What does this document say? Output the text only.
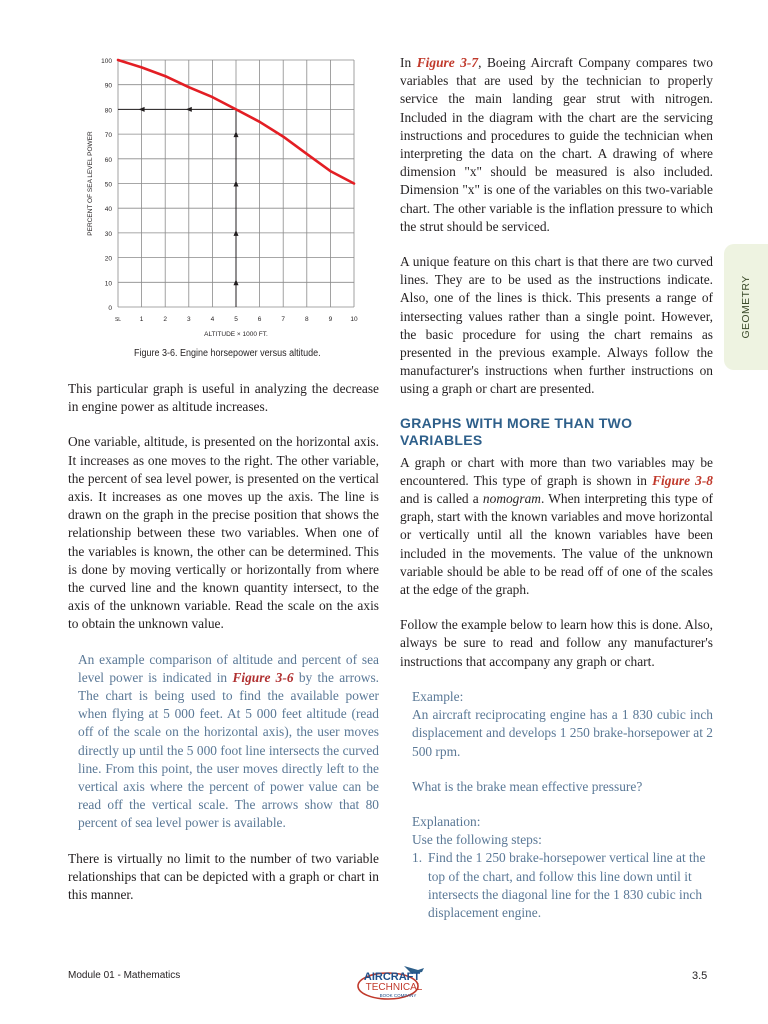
0
10
20
30
40
50
60
70
80
90
100
SL	1	2	3	4	5	6	7	8	9	10
ALTITUDE × 1000 FT.
PERCENT OF SEA LEVEL POWER
Figure 3-6. Engine horsepower versus altitude.

This particular graph is useful in analyzing the decrease in engine power as altitude increases.

One variable, altitude, is presented on the horizontal axis. It increases as one moves to the right. The other variable, the percent of sea level power, is presented on the vertical axis. It increases as one moves up the axis. The line is drawn on the graph in the precise position that shows the relationship between these two variables. When one of the variables is known, the other can be determined. This is done by moving vertically or horizontally from where the curved line and the known quantity intersect, to the axis of the unknown variable. Read the scale on the axis to obtain the unknown value.

An example comparison of altitude and percent of sea level power is indicated in Figure 3-6 by the arrows. The chart is being used to find the available power when flying at 5 000 feet. At 5 000 feet altitude (read off of the scale on the horizontal axis), the user moves directly up until the 5 000 foot line intersects the curved line. From this point, the user moves directly left to the vertical axis where the percent of power value can be read off the vertical scale. The arrows show that 80 percent of sea level power is available.

There is virtually no limit to the number of two variable relationships that can be depicted with a graph or chart in this manner.

In Figure 3-7, Boeing Aircraft Company compares two variables that are used by the technician to properly service the main landing gear strut with nitrogen. Included in the diagram with the chart are the servicing instructions and procedures to guide the technician when interpreting the data on the chart. A drawing of where dimension "x" should be measured is also included. Dimension "x" is one of the variables on this two-variable chart. The other variable is the inflation pressure to which the strut should be serviced.

A unique feature on this chart is that there are two curved lines. They are to be used as the instructions indicate. Also, one of the lines is thick. This presents a range of intersecting values rather than a single point. However, the basic procedure for using the chart remains as presented in the previous example. Always follow the manufacturer's instructions when further instructions on using a graph or chart are presented.

GRAPHS WITH MORE THAN TWO VARIABLES

A graph or chart with more than two variables may be encountered. This type of graph is shown in Figure 3-8 and is called a nomogram. When interpreting this type of graph, start with the known variables and move horizontal or vertically until all the known variables have been included in the movements. The value of the unknown variable should be able to be read off of one of the scales at the edge of the graph.

Follow the example below to learn how this is done. Also, always be sure to read and follow any manufacturer's instructions that accompany any graph or chart.

Example:

An aircraft reciprocating engine has a 1 830 cubic inch displacement and develops 1 250 brake-horsepower at 2 500 rpm.

What is the brake mean effective pressure?

Explanation:

Use the following steps:

1. Find the 1 250 brake-horsepower vertical line at the top of the chart, and follow this line down until it intersects the diagonal line for the 1 830 cubic inch displacement engine.

GEOMETRY
Module 01 - Mathematics	AIRCRAFT
TECHNICAL
BOOK COMPANY
3.5
